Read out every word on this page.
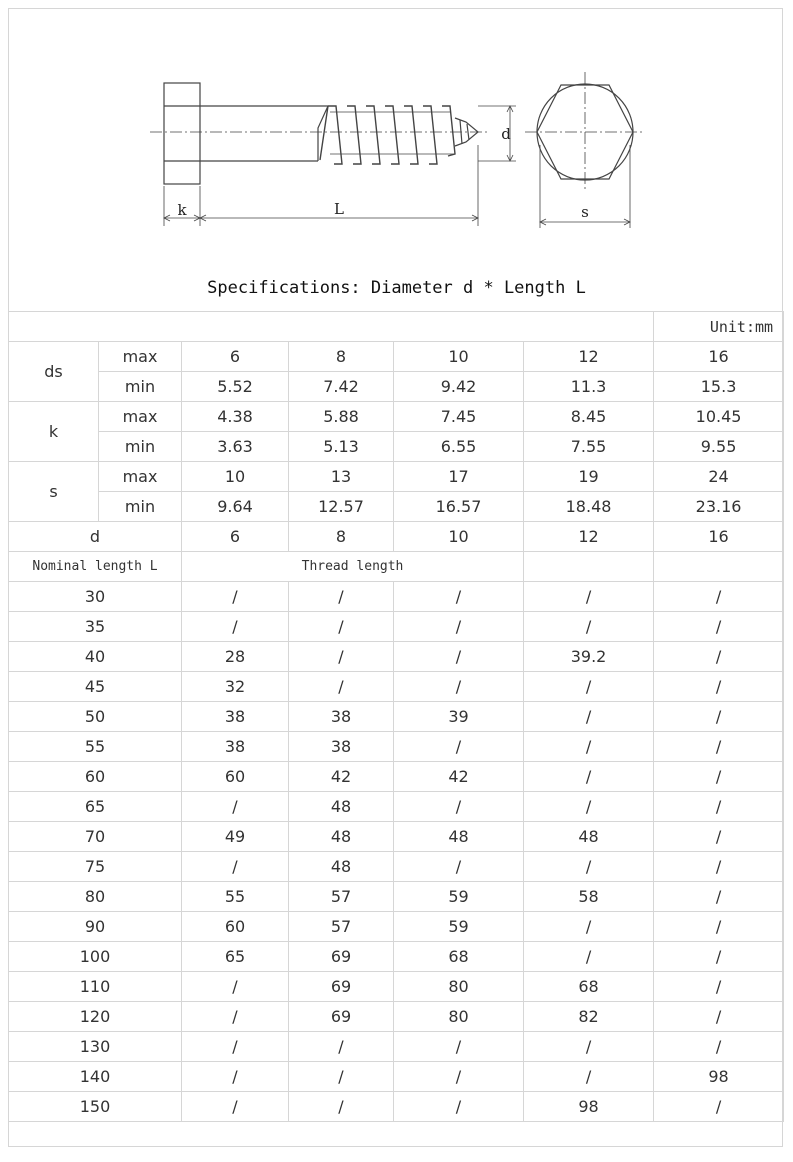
k	L
d
s
Specifications: Diameter d * Length L
						Unit:mm
ds	max	6	8	10	12	16
	min	5.52	7.42	9.42	11.3	15.3
k	max	4.38	5.88	7.45	8.45	10.45
	min	3.63	5.13	6.55	7.55	9.55
s	max	10	13	17	19	24
	min	9.64	12.57	16.57	18.48	23.16
d		6	8	10	12	16
Nominal length L		Thread length				
30		/	/	/	/	/
35		/	/	/	/	/
40		28	/	/	39.2	/
45		32	/	/	/	/
50		38	38	39	/	/
55		38	38	/	/	/
60		60	42	42	/	/
65		/	48	/	/	/
70		49	48	48	48	/
75		/	48	/	/	/
80		55	57	59	58	/
90		60	57	59	/	/
100		65	69	68	/	/
110		/	69	80	68	/
120		/	69	80	82	/
130		/	/	/	/	/
140		/	/	/	/	98
150		/	/	/	98	/
